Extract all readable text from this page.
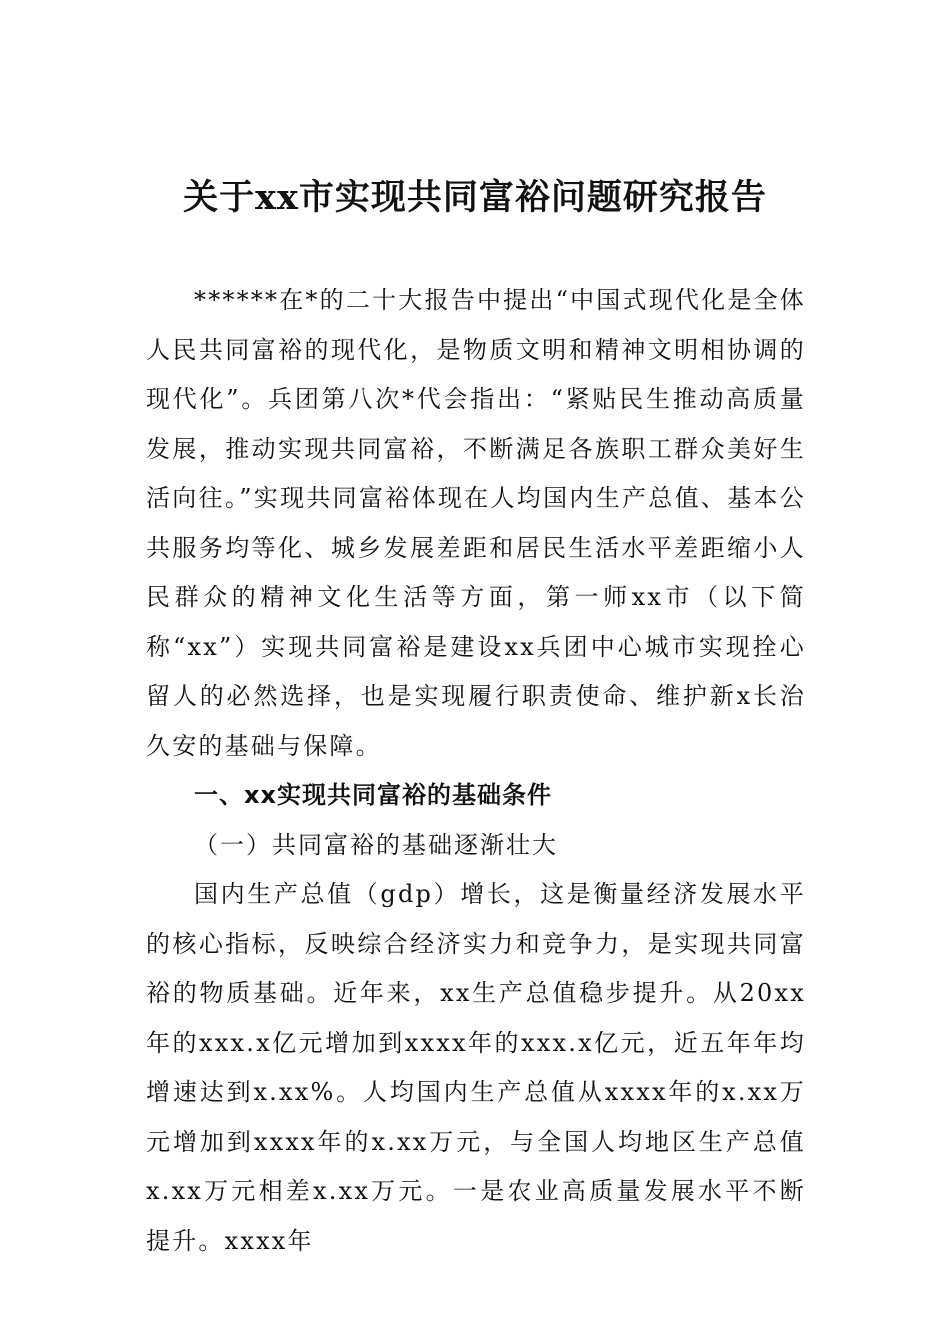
关于xx市实现共同富裕问题研究报告

******在*的二十大报告中提出“中国式现代化是全体人民共同富裕的现代化，是物质文明和精神文明相协调的现代化”。兵团第八次*代会指出：“紧贴民生推动高质量发展，推动实现共同富裕，不断满足各族职工群众美好生活向往。”实现共同富裕体现在人均国内生产总值、基本公共服务均等化、城乡发展差距和居民生活水平差距缩小人民群众的精神文化生活等方面，第一师xx市（以下简称“xx”）实现共同富裕是建设xx兵团中心城市实现拴心留人的必然选择，也是实现履行职责使命、维护新x长治久安的基础与保障。

一、xx实现共同富裕的基础条件
（一）共同富裕的基础逐渐壮大

国内生产总值（gdp）增长，这是衡量经济发展水平的核心指标，反映综合经济实力和竞争力，是实现共同富裕的物质基础。近年来，xx生产总值稳步提升。从20xx年的xxx.x亿元增加到xxxx年的xxx.x亿元，近五年年均增速达到x.xx%。人均国内生产总值从xxxx年的x.xx万元增加到xxxx年的x.xx万元，与全国人均地区生产总值x.xx万元相差x.xx万元。一是农业高质量发展水平不断提升。xxxx年
